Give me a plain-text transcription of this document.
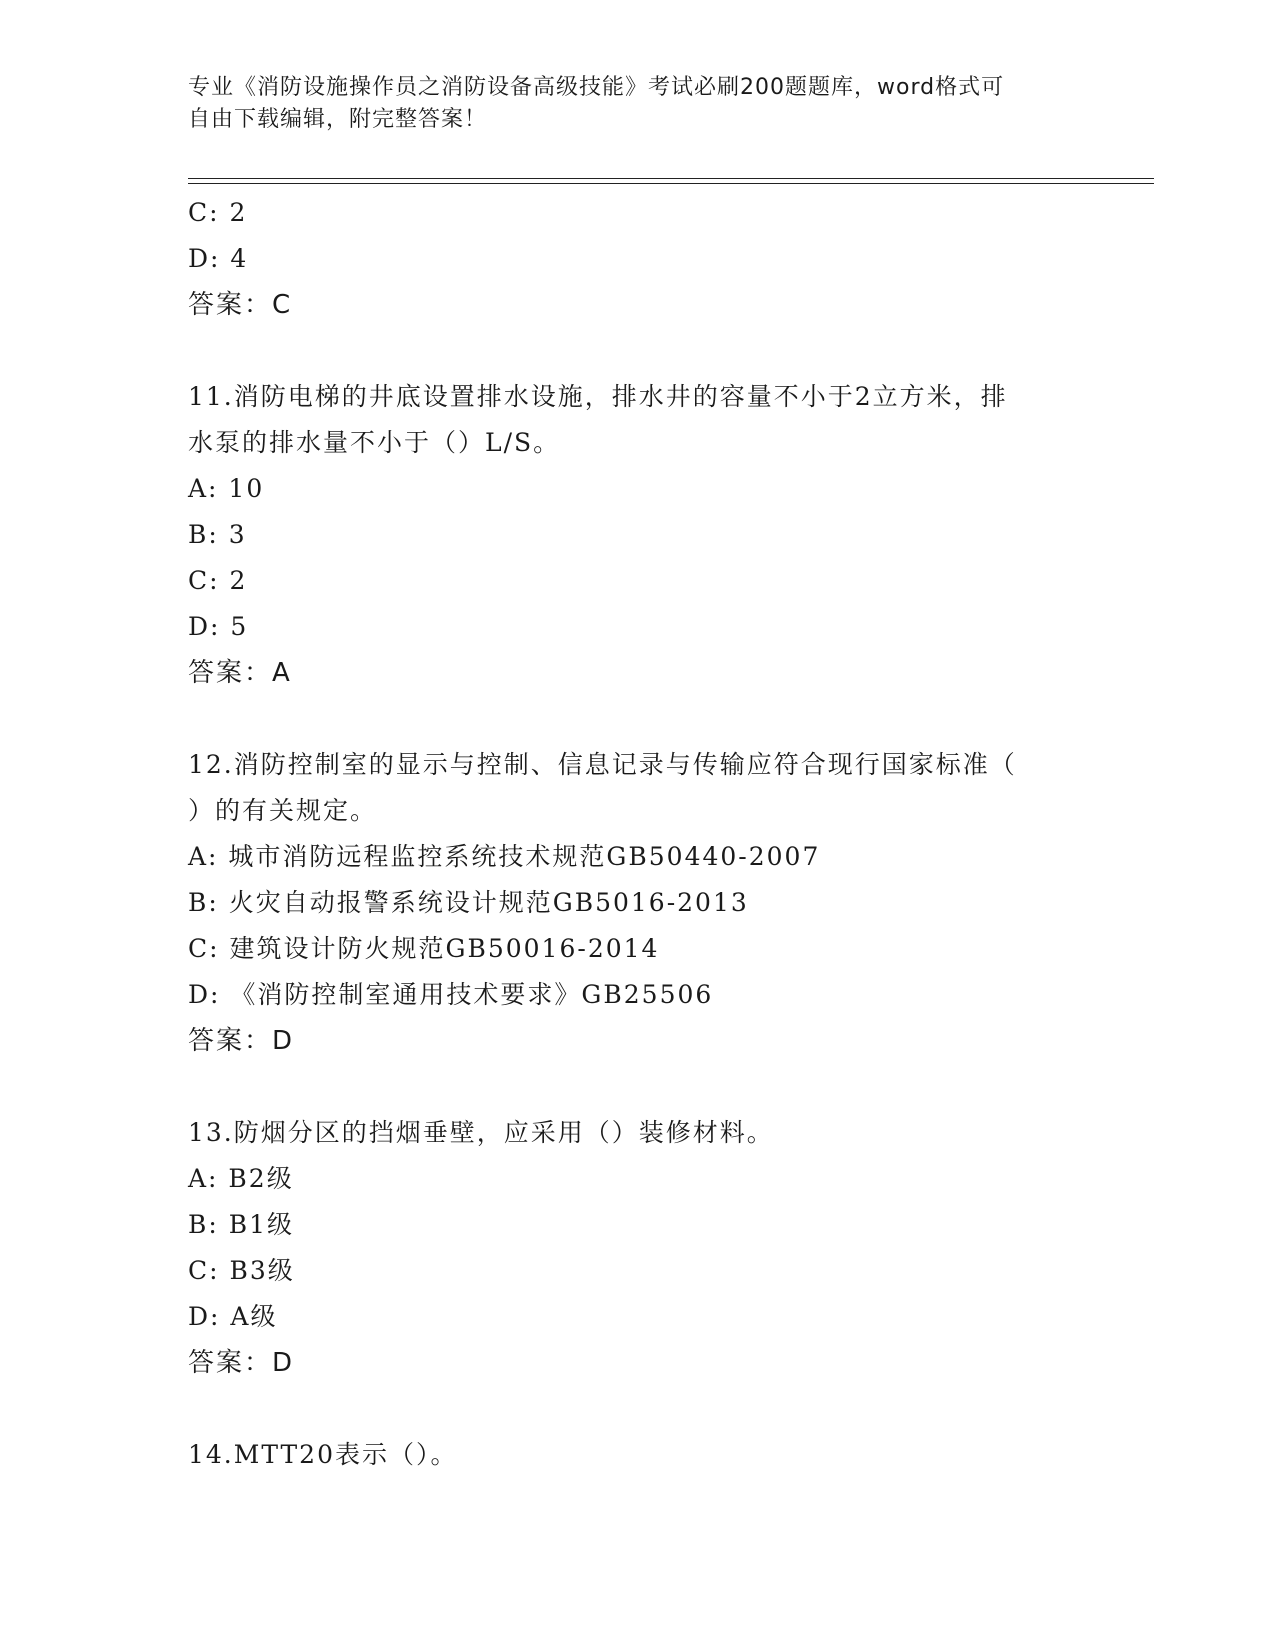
专业《消防设施操作员之消防设备高级技能》考试必刷200题题库，word格式可
自由下载编辑，附完整答案！
C: 2
D: 4
答案：C
11.消防电梯的井底设置排水设施，排水井的容量不小于2立方米，排
水泵的排水量不小于（）L/S。
A: 10
B: 3
C: 2
D: 5
答案：A
12.消防控制室的显示与控制、信息记录与传输应符合现行国家标准（
）的有关规定。
A: 城市消防远程监控系统技术规范GB50440-2007
B: 火灾自动报警系统设计规范GB5016-2013
C: 建筑设计防火规范GB50016-2014
D: 《消防控制室通用技术要求》GB25506
答案：D
13.防烟分区的挡烟垂壁，应采用（）装修材料。
A: B2级
B: B1级
C: B3级
D: A级
答案：D
14.MTT20表示（）。
